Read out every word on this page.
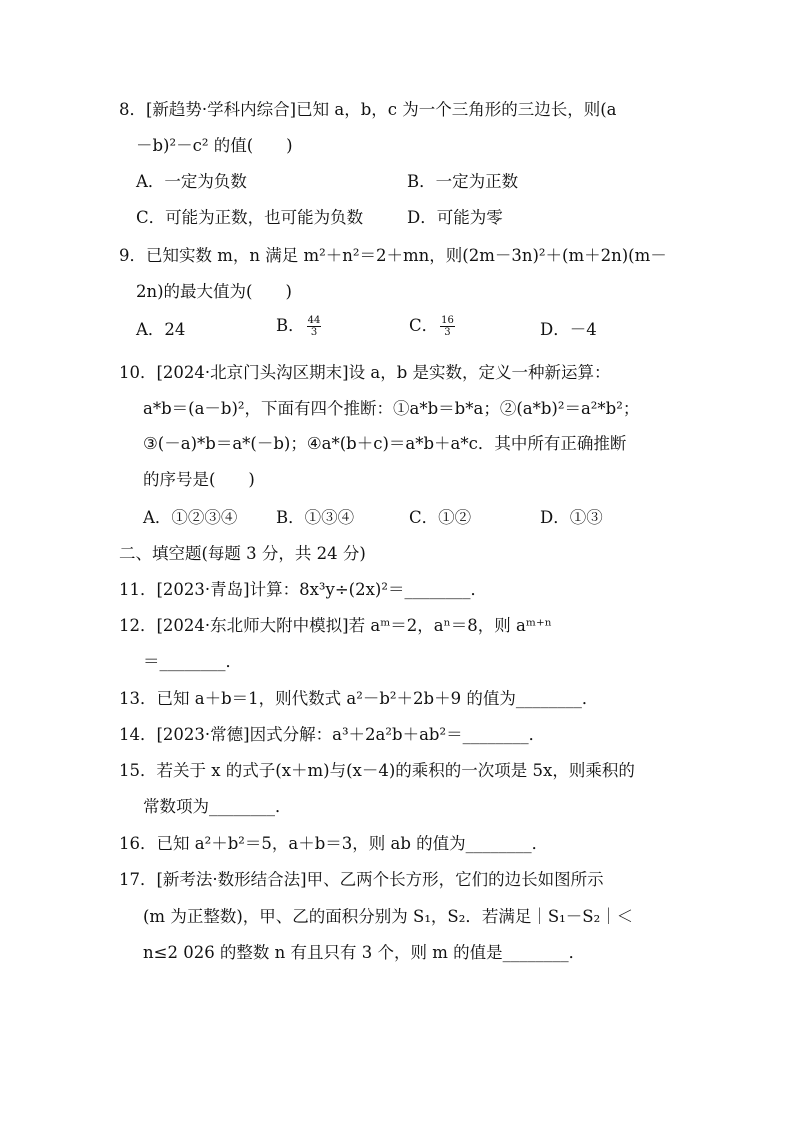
8．[新趋势·学科内综合]已知 a，b，c 为一个三角形的三边长，则(a
－b)²－c² 的值(　　)
A．一定为负数	B．一定为正数
C．可能为正数，也可能为负数	D．可能为零
9．已知实数 m，n 满足 m²＋n²＝2＋mn，则(2m－3n)²＋(m＋2n)(m－
2n)的最大值为(　　)
A．24	B． $\frac{44}{3}$	C． $\frac{16}{3}$	D．－4
10．[2024·北京门头沟区期末]设 a，b 是实数，定义一种新运算：
a*b＝(a－b)²，下面有四个推断：①a*b＝b*a；②(a*b)²＝a²*b²；
③(－a)*b＝a*(－b)；④a*(b＋c)＝a*b＋a*c．其中所有正确推断
的序号是(　　)
A．①②③④ B．①③④	C．①②	D．①③
二、填空题(每题 3 分，共 24 分)
11．[2023·青岛]计算：8x³y÷(2x)²＝________．
12．[2024·东北师大附中模拟]若 aᵐ＝2，aⁿ＝8，则 aᵐ⁺ⁿ
＝________．
13．已知 a＋b＝1，则代数式 a²－b²＋2b＋9 的值为________．
14．[2023·常德]因式分解：a³＋2a²b＋ab²＝________．
15．若关于 x 的式子(x＋m)与(x－4)的乘积的一次项是 5x，则乘积的
常数项为________．
16．已知 a²＋b²＝5，a＋b＝3，则 ab 的值为________．
17．[新考法·数形结合法]甲、乙两个长方形，它们的边长如图所示
(m 为正整数)，甲、乙的面积分别为 S₁，S₂．若满足｜S₁－S₂｜＜
n≤2 026 的整数 n 有且只有 3 个，则 m 的值是________．
